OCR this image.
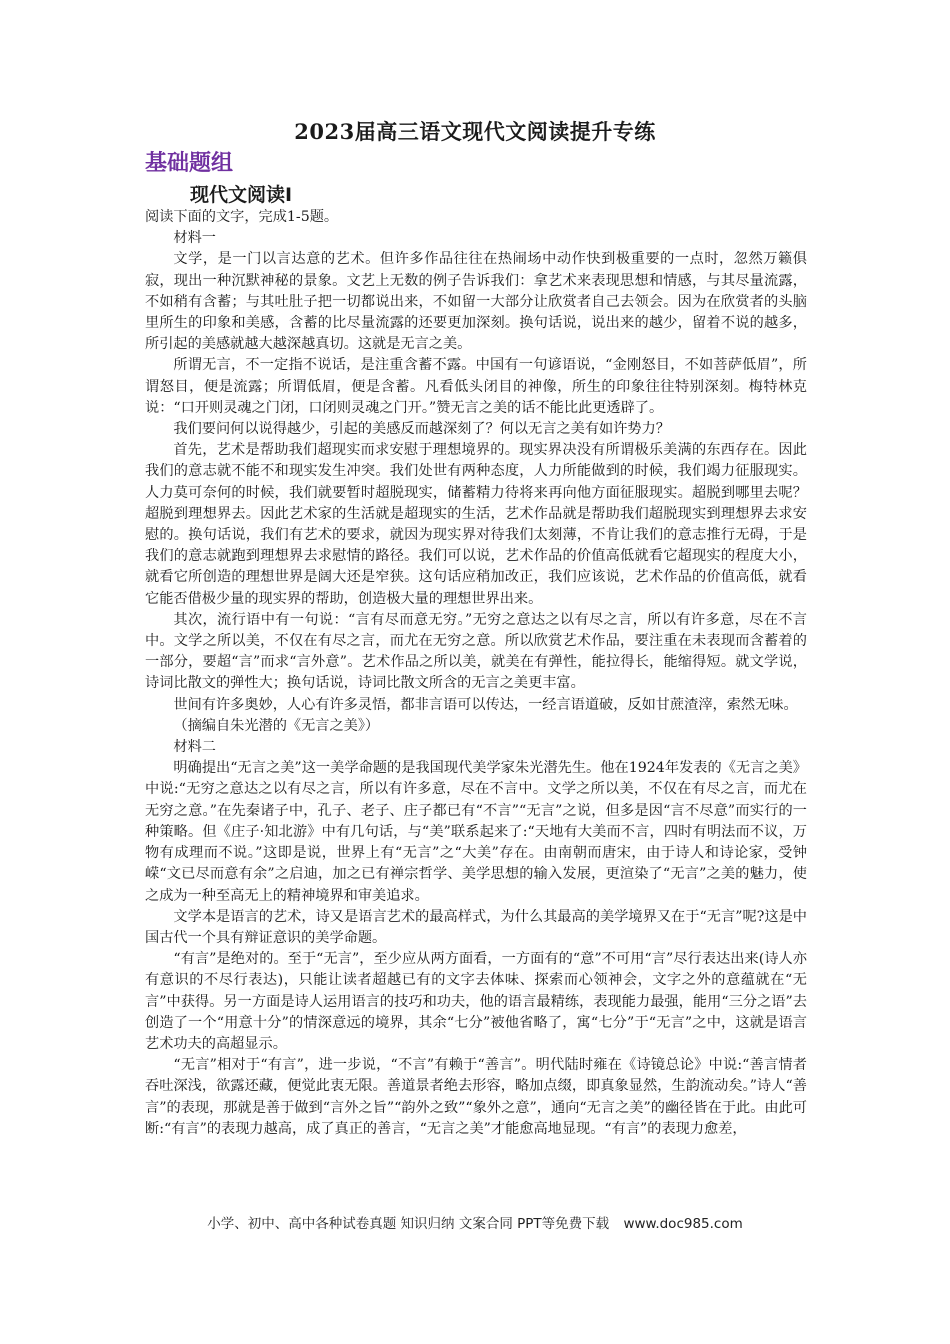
2023届高三语文现代文阅读提升专练
基础题组
现代文阅读Ⅰ

阅读下面的文字，完成1-5题。

材料一

文学，是一门以言达意的艺术。但许多作品往往在热闹场中动作快到极重要的一点时，忽然万籁俱寂，现出一种沉默神秘的景象。文艺上无数的例子告诉我们：拿艺术来表现思想和情感，与其尽量流露，不如稍有含蓄；与其吐肚子把一切都说出来，不如留一大部分让欣赏者自己去领会。因为在欣赏者的头脑里所生的印象和美感，含蓄的比尽量流露的还要更加深刻。换句话说，说出来的越少，留着不说的越多，所引起的美感就越大越深越真切。这就是无言之美。

所谓无言，不一定指不说话，是注重含蓄不露。中国有一句谚语说，“金刚怒目，不如菩萨低眉”，所谓怒目，便是流露；所谓低眉，便是含蓄。凡看低头闭目的神像，所生的印象往往特别深刻。梅特林克说：“口开则灵魂之门闭，口闭则灵魂之门开。”赞无言之美的话不能比此更透辟了。

我们要问何以说得越少，引起的美感反而越深刻了？何以无言之美有如许势力？

首先，艺术是帮助我们超现实而求安慰于理想境界的。现实界决没有所谓极乐美满的东西存在。因此我们的意志就不能不和现实发生冲突。我们处世有两种态度，人力所能做到的时候，我们竭力征服现实。人力莫可奈何的时候，我们就要暂时超脱现实，储蓄精力待将来再向他方面征服现实。超脱到哪里去呢？超脱到理想界去。因此艺术家的生活就是超现实的生活，艺术作品就是帮助我们超脱现实到理想界去求安慰的。换句话说，我们有艺术的要求，就因为现实界对待我们太刻薄，不肯让我们的意志推行无碍，于是我们的意志就跑到理想界去求慰情的路径。我们可以说，艺术作品的价值高低就看它超现实的程度大小，就看它所创造的理想世界是阔大还是窄狭。这句话应稍加改正，我们应该说，艺术作品的价值高低，就看它能否借极少量的现实界的帮助，创造极大量的理想世界出来。

其次，流行语中有一句说：“言有尽而意无穷。”无穷之意达之以有尽之言，所以有许多意，尽在不言中。文学之所以美，不仅在有尽之言，而尤在无穷之意。所以欣赏艺术作品，要注重在未表现而含蓄着的一部分，要超“言”而求“言外意”。艺术作品之所以美，就美在有弹性，能拉得长，能缩得短。就文学说，诗词比散文的弹性大；换句话说，诗词比散文所含的无言之美更丰富。

世间有许多奥妙，人心有许多灵悟，都非言语可以传达，一经言语道破，反如甘蔗渣滓，索然无味。

（摘编自朱光潜的《无言之美》）

材料二

明确提出“无言之美”这一美学命题的是我国现代美学家朱光潜先生。他在1924年发表的《无言之美》中说:“无穷之意达之以有尽之言，所以有许多意，尽在不言中。文学之所以美，不仅在有尽之言，而尤在无穷之意。”在先秦诸子中，孔子、老子、庄子都已有“不言”“无言”之说，但多是因“言不尽意”而实行的一种策略。但《庄子·知北游》中有几句话，与“美”联系起来了:“天地有大美而不言，四时有明法而不议，万物有成理而不说。”这即是说，世界上有“无言”之“大美”存在。由南朝而唐宋，由于诗人和诗论家，受钟嵘“文已尽而意有余”之启迪，加之已有禅宗哲学、美学思想的输入发展，更渲染了“无言”之美的魅力，使之成为一种至高无上的精神境界和审美追求。

文学本是语言的艺术，诗又是语言艺术的最高样式，为什么其最高的美学境界又在于“无言”呢?这是中国古代一个具有辩证意识的美学命题。

“有言”是绝对的。至于“无言”，至少应从两方面看，一方面有的“意”不可用“言”尽行表达出来(诗人亦有意识的不尽行表达)，只能让读者超越已有的文字去体味、探索而心领神会，文字之外的意蕴就在“无言”中获得。另一方面是诗人运用语言的技巧和功夫，他的语言最精练，表现能力最强，能用“三分之语”去创造了一个“用意十分”的情深意远的境界，其余“七分”被他省略了，寓“七分”于“无言”之中，这就是语言艺术功夫的高超显示。

“无言”相对于“有言”，进一步说，“不言”有赖于“善言”。明代陆时雍在《诗镜总论》中说:“善言情者吞吐深浅，欲露还藏，便觉此衷无限。善道景者绝去形容，略加点缀，即真象显然，生韵流动矣。”诗人“善言”的表现，那就是善于做到“言外之旨”“韵外之致”“象外之意”，通向“无言之美”的幽径皆在于此。由此可断:“有言”的表现力越高，成了真正的善言，“无言之美”才能愈高地显现。“有言”的表现力愈差，

小学、初中、高中各种试卷真题 知识归纳 文案合同 PPT等免费下载 www.doc985.com
